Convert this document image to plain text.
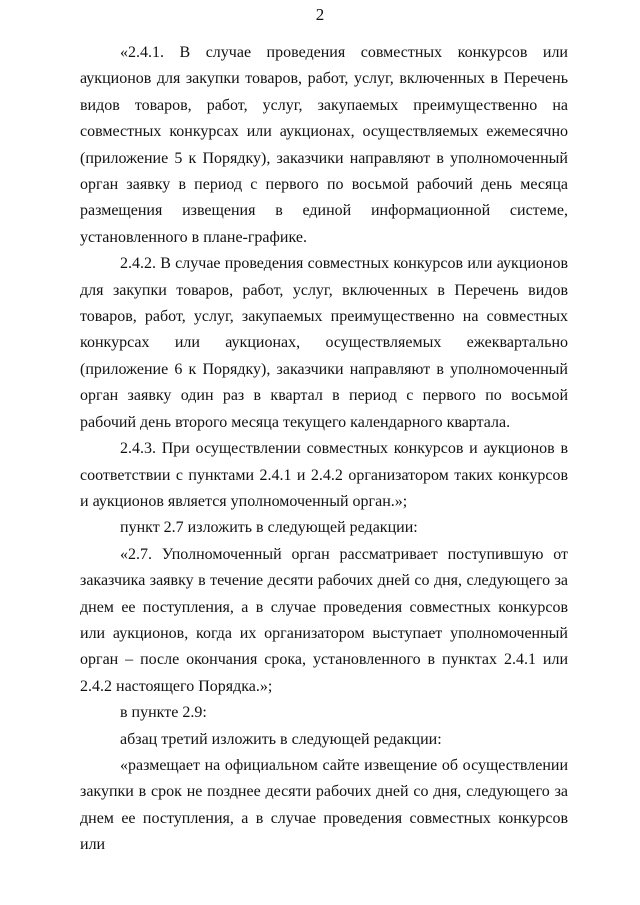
2

«2.4.1. В случае проведения совместных конкурсов или аукционов для закупки товаров, работ, услуг, включенных в Перечень видов товаров, работ, услуг, закупаемых преимущественно на совместных конкурсах или аукционах, осуществляемых ежемесячно (приложение 5 к Порядку), заказчики направляют в уполномоченный орган заявку в период с первого по восьмой рабочий день месяца размещения извещения в единой информационной системе, установленного в плане-графике.

2.4.2. В случае проведения совместных конкурсов или аукционов для закупки товаров, работ, услуг, включенных в Перечень видов товаров, работ, услуг, закупаемых преимущественно на совместных конкурсах или аукционах, осуществляемых ежеквартально (приложение 6 к Порядку), заказчики направляют в уполномоченный орган заявку один раз в квартал в период с первого по восьмой рабочий день второго месяца текущего календарного квартала.

2.4.3. При осуществлении совместных конкурсов и аукционов в соответствии с пунктами 2.4.1 и 2.4.2 организатором таких конкурсов и аукционов является уполномоченный орган.»;

пункт 2.7 изложить в следующей редакции:

«2.7. Уполномоченный орган рассматривает поступившую от заказчика заявку в течение десяти рабочих дней со дня, следующего за днем ее поступления, а в случае проведения совместных конкурсов или аукционов, когда их организатором выступает уполномоченный орган – после окончания срока, установленного в пунктах 2.4.1 или 2.4.2 настоящего Порядка.»;

в пункте 2.9:

абзац третий изложить в следующей редакции:

«размещает на официальном сайте извещение об осуществлении закупки в срок не позднее десяти рабочих дней со дня, следующего за днем ее поступления, а в случае проведения совместных конкурсов или
